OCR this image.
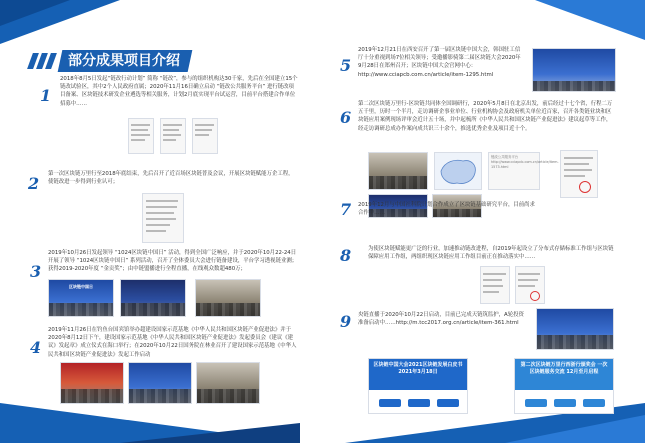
部分成果项目介绍
1
2018年8月5日发起“链改行动计划” 简称 “链改”，参与的组织机构达30千家，先后在全国建立15个链改试验区，其中2个人民政府直属；2020年11月16日确立启动 “链改公共服务平台” 进行链改项目备案、区块链技术研发企业遴选等相关服务，计划2月底实现平台试运营，目前平台搭建合作单位招募中……
2 第一次区块链万里行至2018年底结束，先后召开了近百场区块链普及会议，开展区块链赋能万企工程，使链改进一步得到行业认可；
3
2019年10月26日发起领导 “1024区块链中国日” 活动，得到全国广泛响应，并于2020年10月22-24日开展了领导 “1024区块链中国日” 系列活动，召开了全体委员大会进行链备建设，平台学习透视链业测；获得2019-2020年度 “金贡奖”；由中链盟播进行全程直播，在线观众数超480万；
区块链中国日
4
2019年11月26日在钓鱼台国宾馆举办超建设国家示范基地《中华人民共和国区块链产业促进法》并于 2020年8月12日下午，建设国家示范基地《中华人民共和国区块链产业促进法》发起委员会《建议《建议》发起章》成立仪式在海口举行；在2020年10月22日国务院在林业召开了建设国家示范基地《中华人民共和国区块链产业促进法》发起工作启动
5
2019年12月21日在西安召开了第一届区块链中国大会，韩国驻工信厅十分重视到场7位相关领导；受邀播影骑第二届区块链大会2020年9月28日在郑州召开；区块链中国大会官网中心：http://www.cciapcb.com.cn/article/item-1295.html
6
第二次区块链万里行-区块链共同体全国调研行，2020年5月8日在北京出发，前后经过十七个省，行程二万五千里，历时一个半月，走访调研企事业单位、行业机构协会及政府机关单位近百家，召开各类链业块和区块链应用案例现场评审会近计五十场，并中起梳所《中华人民共和国区块链产业促进法》建议起草等工作，经走访调研总成办作案向成共识三十余个，推选优秀企业及项目近十个。
链改公共服务平台 http://www.cciapcb.com.cn/article/item-1573.html
7 2019年12月与中国社科院计划合作成立了区块链基础研究平台，目前尚求合作中……
8	为使区块链赋能更广泛的行业，加速推动链改进程，自2019年起设立了分布式存储标准工作组与区块链保障应用工作组，两组织现区块链应用工作组目前正在推动落实中……
9 央链直播于2020年10月22日启动，目前已完成天链筑监护，A轮投资准备启动中……http://m.tcc2017.org.cn/article/item-361.html
区块链中国大会2021区块链发展白皮书 2021年3月18日
第二次区块链万里行西浙行颁奖会 一次区块链服务交流 12月至月启程
